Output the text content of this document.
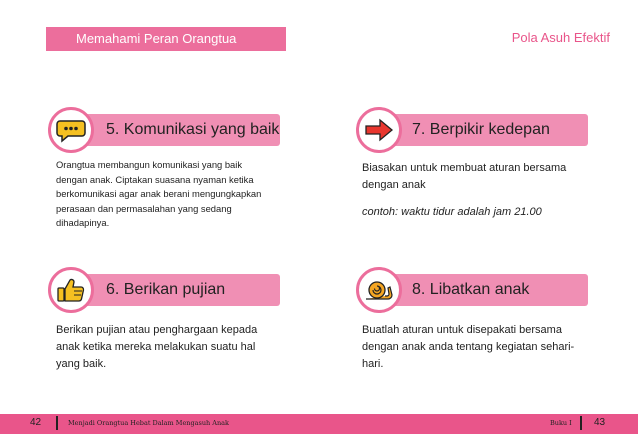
Memahami Peran Orangtua	Pola Asuh Efektif
5. Komunikasi yang baik
Orangtua membangun komunikasi yang baik
dengan anak. Ciptakan suasana nyaman ketika
berkomunikasi agar anak berani mengungkapkan
perasaan dan permasalahan yang sedang
dihadapinya.
6. Berikan pujian
Berikan pujian atau penghargaan kepada
anak ketika mereka melakukan suatu hal
yang baik.
7. Berpikir kedepan
Biasakan untuk membuat aturan bersama
dengan anak
contoh: waktu tidur adalah jam 21.00
8. Libatkan anak
Buatlah aturan untuk disepakati bersama
dengan anak anda tentang kegiatan sehari-
hari.
42	Menjadi Orangtua Hebat Dalam Mengasuh Anak	Buku I 43
